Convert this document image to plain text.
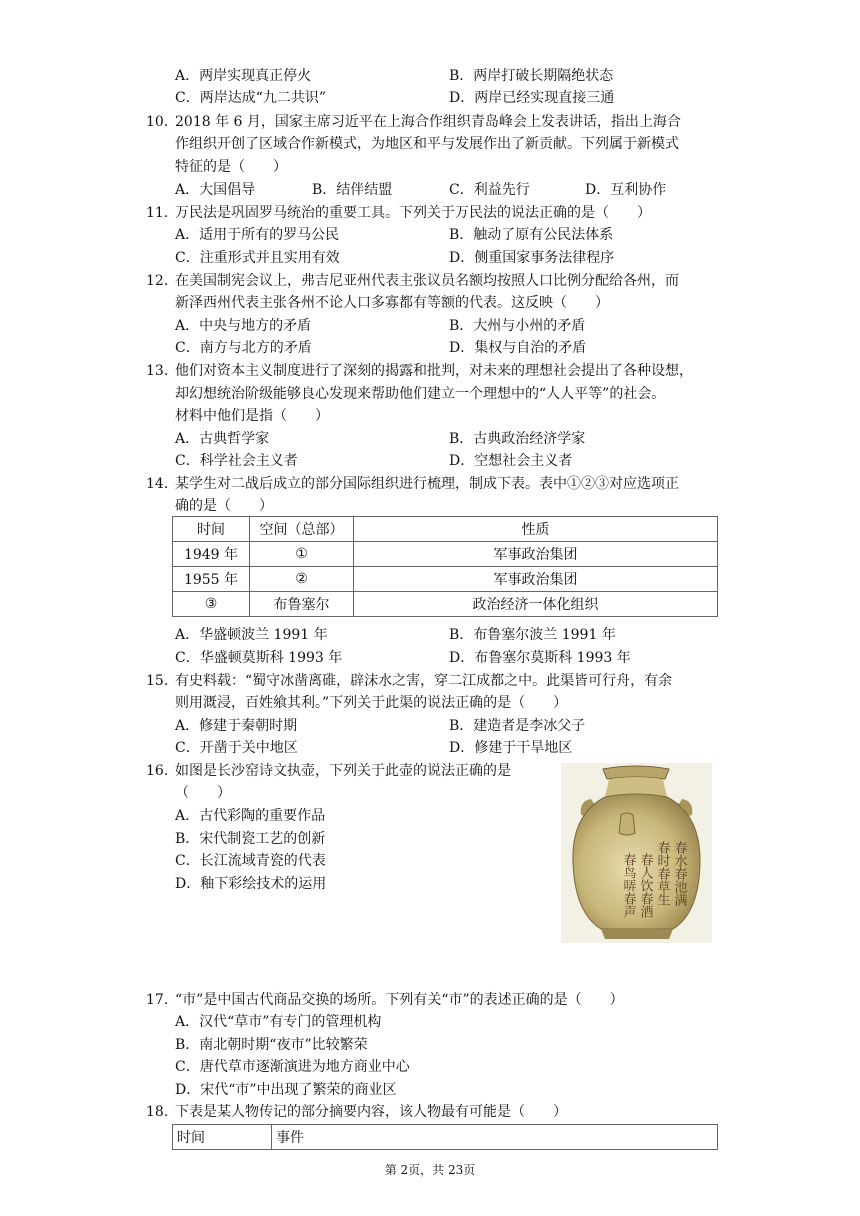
A．两岸实现真正停火	B．两岸打破长期隔绝状态
C．两岸达成“九二共识”	D．两岸已经实现直接三通
10. 2018 年 6 月，国家主席习近平在上海合作组织青岛峰会上发表讲话，指出上海合
作组织开创了区域合作新模式，为地区和平与发展作出了新贡献。下列属于新模式
特征的是（　　）
A．大国倡导	B．结伴结盟	C．利益先行	D．互利协作
11. 万民法是巩固罗马统治的重要工具。下列关于万民法的说法正确的是（　　）
A．适用于所有的罗马公民	B．触动了原有公民法体系
C．注重形式并且实用有效	D．侧重国家事务法律程序
12. 在美国制宪会议上，弗吉尼亚州代表主张议员名额均按照人口比例分配给各州，而
新泽西州代表主张各州不论人口多寡都有等额的代表。这反映（　　）
A．中央与地方的矛盾	B．大州与小州的矛盾
C．南方与北方的矛盾	D．集权与自治的矛盾
13. 他们对资本主义制度进行了深刻的揭露和批判，对未来的理想社会提出了各种设想，
却幻想统治阶级能够良心发现来帮助他们建立一个理想中的“人人平等”的社会。
材料中他们是指（　　）
A．古典哲学家	B．古典政治经济学家
C．科学社会主义者	D．空想社会主义者
14. 某学生对二战后成立的部分国际组织进行梳理，制成下表。表中①②③对应选项正
确的是（　　）
时间	空间（总部）	性质
1949 年	①	军事政治集团
1955 年	②	军事政治集团
③	布鲁塞尔	政治经济一体化组织
A．华盛顿波兰 1991 年	B．布鲁塞尔波兰 1991 年
C．华盛顿莫斯科 1993 年	D．布鲁塞尔莫斯科 1993 年
15. 有史料载：“蜀守冰凿离碓，辟沫水之害，穿二江成都之中。此渠皆可行舟，有余
则用溉浸，百姓飨其利。”下列关于此渠的说法正确的是（　　）
A．修建于秦朝时期	B．建造者是李冰父子
C．开凿于关中地区	D．修建于干旱地区
16. 如图是长沙窑诗文执壶，下列关于此壶的说法正确的是
（　　）
A．古代彩陶的重要作品
B．宋代制瓷工艺的创新
C．长江流域青瓷的代表
D．釉下彩绘技术的运用	春水春池满
春时春草生
春人饮春酒
春鸟哢春声
17. “市”是中国古代商品交换的场所。下列有关“市”的表述正确的是（　　）
A．汉代“草市”有专门的管理机构
B．南北朝时期“夜市”比较繁荣
C．唐代草市逐渐演进为地方商业中心
D．宋代“市”中出现了繁荣的商业区
18. 下表是某人物传记的部分摘要内容，该人物最有可能是（　　）
时间	事件
第 2页，共 23页
